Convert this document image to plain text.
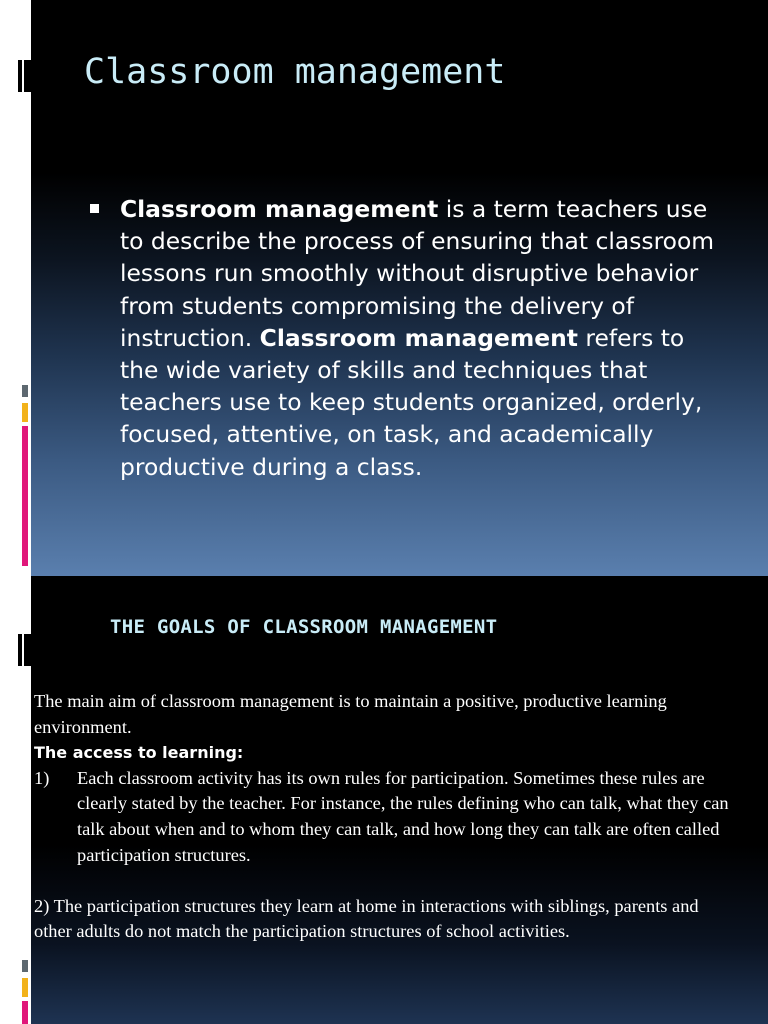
Classroom management
Classroom management is a term teachers use to describe the process of ensuring that classroom lessons run smoothly without disruptive behavior from students compromising the delivery of instruction. Classroom management refers to the wide variety of skills and techniques that teachers use to keep students organized, orderly, focused, attentive, on task, and academically productive during a class.
THE GOALS OF CLASSROOM MANAGEMENT

The main aim of classroom management is to maintain a positive, productive learning environment.

The access to learning:

1) Each classroom activity has its own rules for participation. Sometimes these rules are clearly stated by the teacher. For instance, the rules defining who can talk, what they can talk about when and to whom they can talk, and how long they can talk are often called participation structures.

2) The participation structures they learn at home in interactions with siblings, parents and other adults do not match the participation structures of school activities.
